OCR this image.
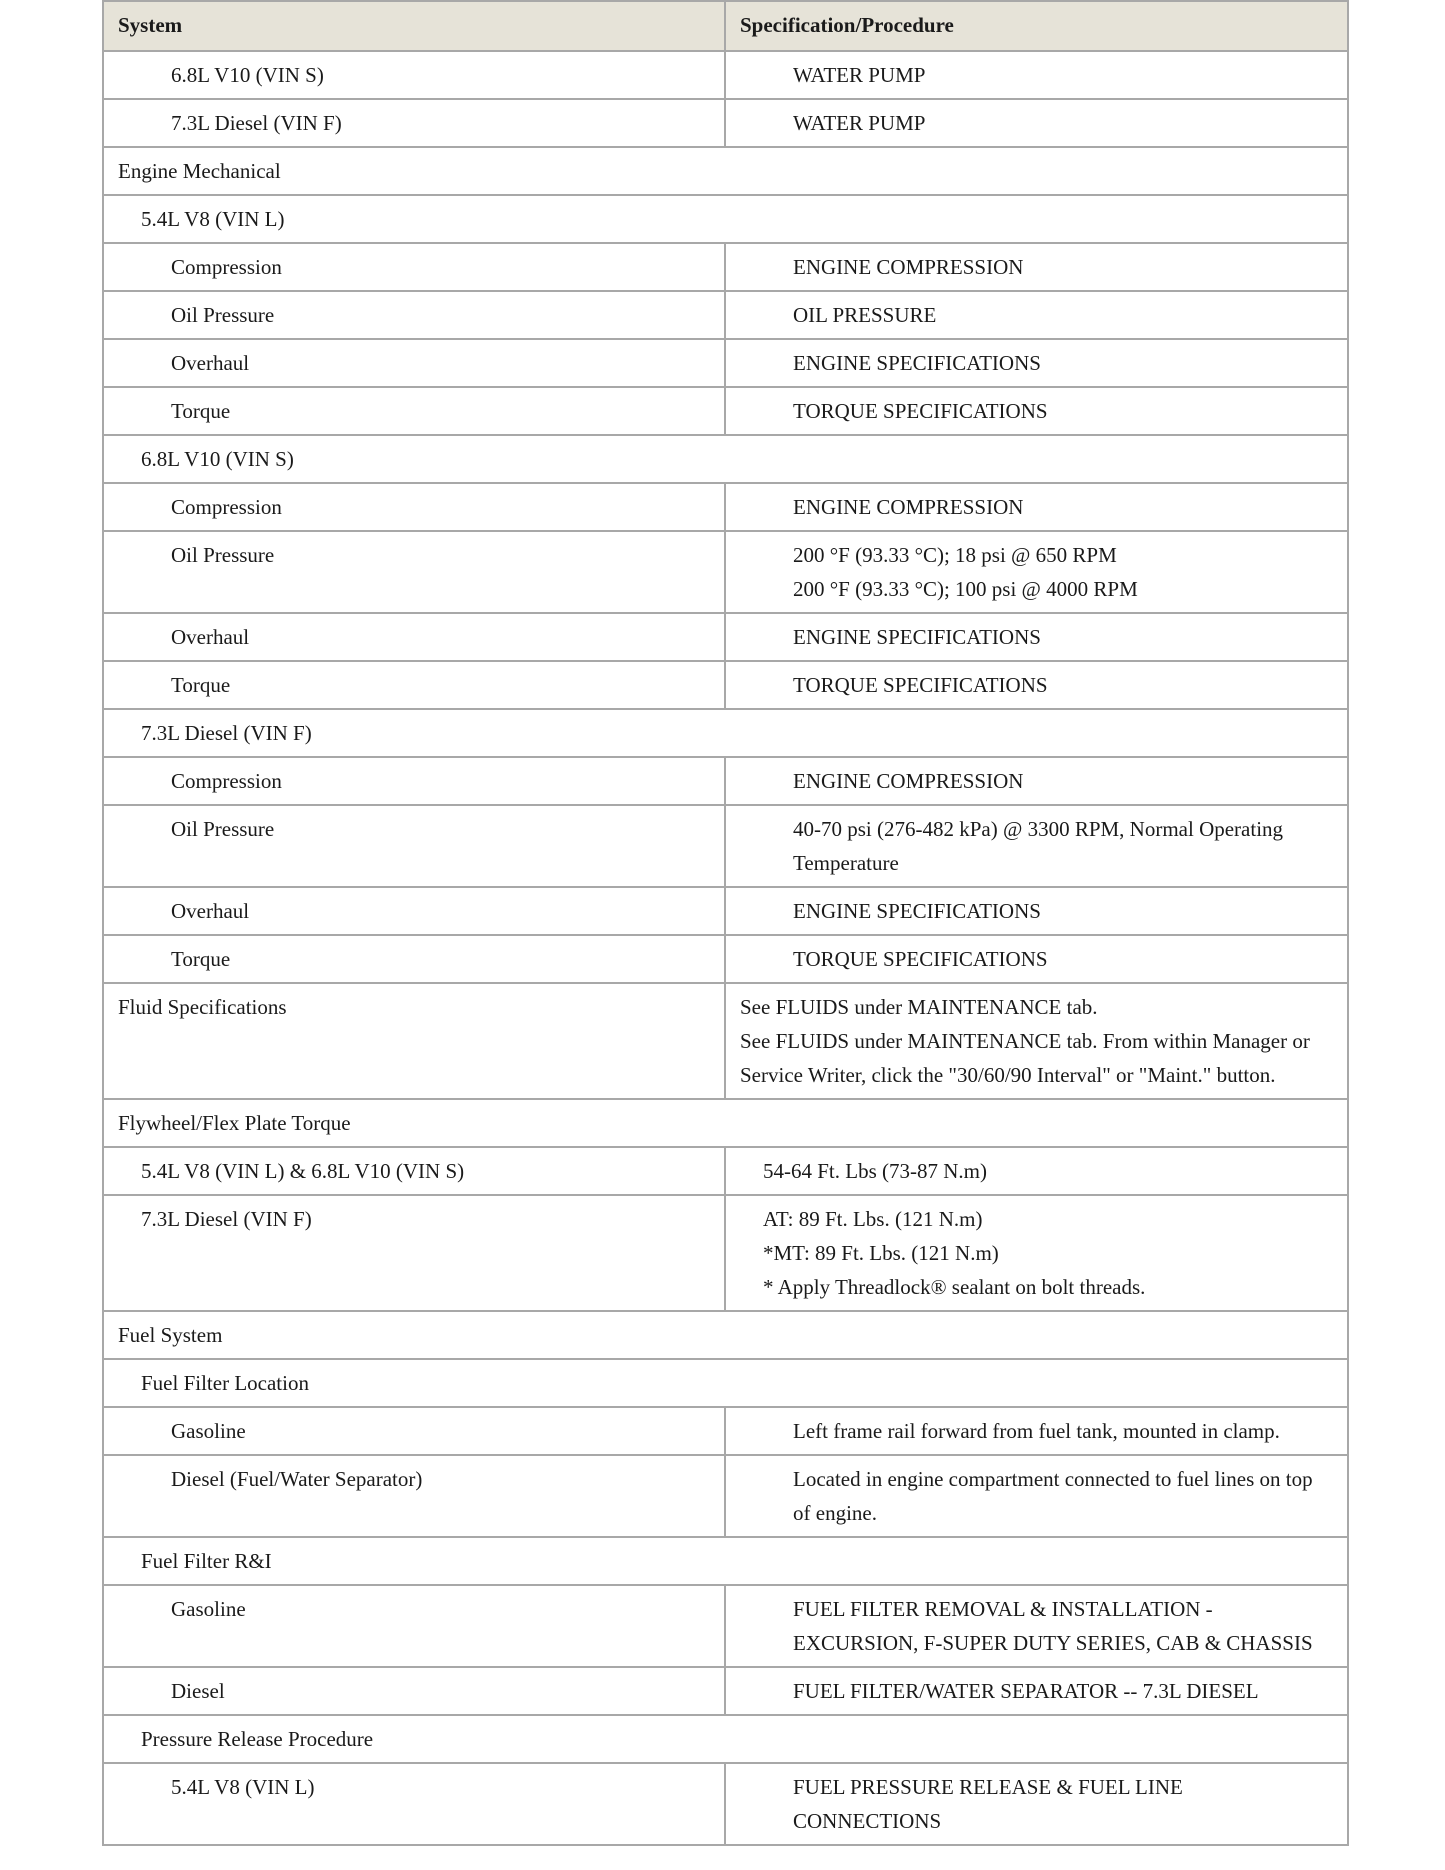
System	Specification/Procedure
6.8L V10 (VIN S)	WATER PUMP

7.3L Diesel (VIN F)	WATER PUMP

Engine Mechanical	
5.4L V8 (VIN L)	
Compression	ENGINE COMPRESSION

Oil Pressure	OIL PRESSURE

Overhaul	ENGINE SPECIFICATIONS

Torque	TORQUE SPECIFICATIONS

6.8L V10 (VIN S)	
Compression	ENGINE COMPRESSION

Oil Pressure	200 °F (93.33 °C); 18 psi @ 650 RPM
200 °F (93.33 °C); 100 psi @ 4000 RPM

Overhaul	ENGINE SPECIFICATIONS

Torque	TORQUE SPECIFICATIONS

7.3L Diesel (VIN F)	
Compression	ENGINE COMPRESSION

Oil Pressure	40-70 psi (276-482 kPa) @ 3300 RPM, Normal Operating Temperature

Overhaul	ENGINE SPECIFICATIONS

Torque	TORQUE SPECIFICATIONS

Fluid Specifications	See FLUIDS under MAINTENANCE tab.
See FLUIDS under MAINTENANCE tab. From within Manager or Service Writer, click the "30/60/90 Interval" or "Maint." button.

Flywheel/Flex Plate Torque	
5.4L V8 (VIN L) & 6.8L V10 (VIN S)	54-64 Ft. Lbs (73-87 N.m)

7.3L Diesel (VIN F)	AT: 89 Ft. Lbs. (121 N.m)
*MT: 89 Ft. Lbs. (121 N.m)
* Apply Threadlock® sealant on bolt threads.

Fuel System	
Fuel Filter Location	
Gasoline	Left frame rail forward from fuel tank, mounted in clamp.

Diesel (Fuel/Water Separator)	Located in engine compartment connected to fuel lines on top of engine.

Fuel Filter R&I	
Gasoline	FUEL FILTER REMOVAL & INSTALLATION - EXCURSION, F-SUPER DUTY SERIES, CAB & CHASSIS

Diesel	FUEL FILTER/WATER SEPARATOR -- 7.3L DIESEL

Pressure Release Procedure	
5.4L V8 (VIN L)	FUEL PRESSURE RELEASE & FUEL LINE CONNECTIONS
